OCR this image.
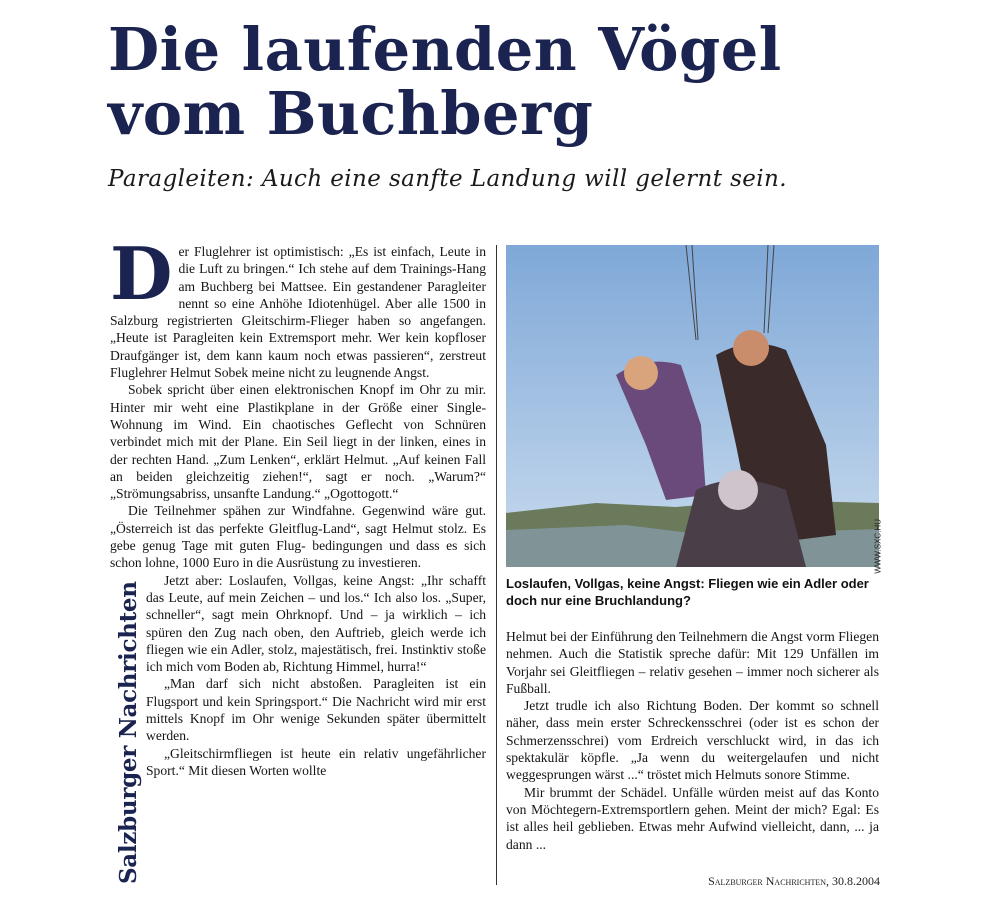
Die laufenden Vögel
vom Buchberg

Paragleiten: Auch eine sanfte Landung will gelernt sein.

Der Fluglehrer ist optimistisch: „Es ist einfach, Leute in die Luft zu bringen.“ Ich stehe auf dem Trainings-Hang am Buchberg bei Mattsee. Ein gestandener Paragleiter nennt so eine Anhöhe Idiotenhügel. Aber alle 1500 in Salzburg registrierten Gleitschirm-Flieger haben so angefangen. „Heute ist Paragleiten kein Extremsport mehr. Wer kein kopfloser Draufgänger ist, dem kann kaum noch etwas passieren“, zerstreut Fluglehrer Helmut Sobek meine nicht zu leugnende Angst.

Sobek spricht über einen elektronischen Knopf im Ohr zu mir. Hinter mir weht eine Plastikplane in der Größe einer Single-Wohnung im Wind. Ein chaotisches Geflecht von Schnüren verbindet mich mit der Plane. Ein Seil liegt in der linken, eines in der rechten Hand. „Zum Lenken“, erklärt Helmut. „Auf keinen Fall an beiden gleichzeitig ziehen!“, sagt er noch. „Warum?“ „Strömungsabriss, unsanfte Landung.“ „Ogottogott.“

Die Teilnehmer spähen zur Windfahne. Gegenwind wäre gut. „Österreich ist das perfekte Gleitflug-Land“, sagt Helmut stolz. Es gebe genug Tage mit guten Flug- bedingungen und dass es sich schon lohne, 1000 Euro in die Ausrüstung zu investieren.

Jetzt aber: Loslaufen, Vollgas, keine Angst: „Ihr schafft das Leute, auf mein Zeichen – und los.“ Ich also los. „Super, schneller“, sagt mein Ohrknopf. Und – ja wirklich – ich spüren den Zug nach oben, den Auftrieb, gleich werde ich fliegen wie ein Adler, stolz, majestätisch, frei. Instinktiv stoße ich mich vom Boden ab, Richtung Himmel, hurra!“

„Man darf sich nicht abstoßen. Paragleiten ist ein Flugsport und kein Springsport.“ Die Nachricht wird mir erst mittels Knopf im Ohr wenige Sekunden später übermittelt werden.

„Gleitschirmfliegen ist heute ein relativ ungefährlicher Sport.“ Mit diesen Worten wollte

Salzburger Nachrichten
WWW.SXC.HU

Loslaufen, Vollgas, keine Angst: Fliegen wie ein Adler oder doch nur eine Bruchlandung?

Helmut bei der Einführung den Teilnehmern die Angst vorm Fliegen nehmen. Auch die Statistik spreche dafür: Mit 129 Unfällen im Vorjahr sei Gleitfliegen – relativ gesehen – immer noch sicherer als Fußball.

Jetzt trudle ich also Richtung Boden. Der kommt so schnell näher, dass mein erster Schreckensschrei (oder ist es schon der Schmerzensschrei) vom Erdreich verschluckt wird, in das ich spektakulär köpfle. „Ja wenn du weitergelaufen und nicht weggesprungen wärst ...“ tröstet mich Helmuts sonore Stimme.

Mir brummt der Schädel. Unfälle würden meist auf das Konto von Möchtegern-Extremsportlern gehen. Meint der mich? Egal: Es ist alles heil geblieben. Etwas mehr Aufwind vielleicht, dann, ... ja dann ...

Salzburger Nachrichten, 30.8.2004
